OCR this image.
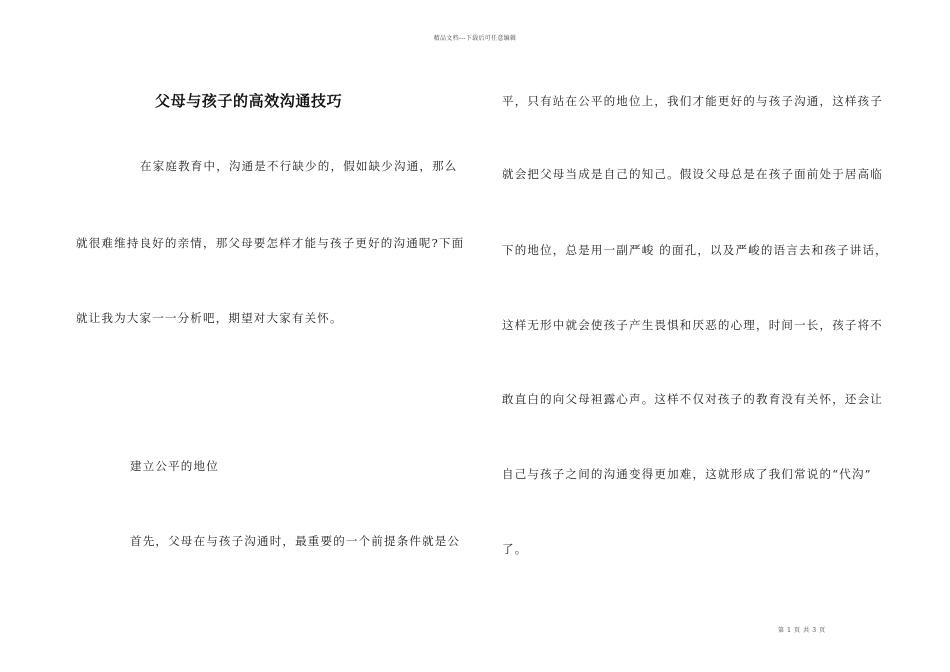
精品文档---下载后可任意编辑
父母与孩子的高效沟通技巧
在家庭教育中，沟通是不行缺少的，假如缺少沟通，那么
就很难维持良好的亲情，那父母要怎样才能与孩子更好的沟通呢?下面
就让我为大家一一分析吧，期望对大家有关怀。
建立公平的地位
首先，父母在与孩子沟通时，最重要的一个前提条件就是公
平，只有站在公平的地位上，我们才能更好的与孩子沟通，这样孩子
就会把父母当成是自己的知己。假设父母总是在孩子面前处于居高临
下的地位，总是用一副严峻 的面孔，以及严峻的语言去和孩子讲话，
这样无形中就会使孩子产生畏惧和厌恶的心理，时间一长，孩子将不
敢直白的向父母袒露心声。这样不仅对孩子的教育没有关怀，还会让
自己与孩子之间的沟通变得更加难，这就形成了我们常说的“代沟”
了。
第 1 页 共 3 页
